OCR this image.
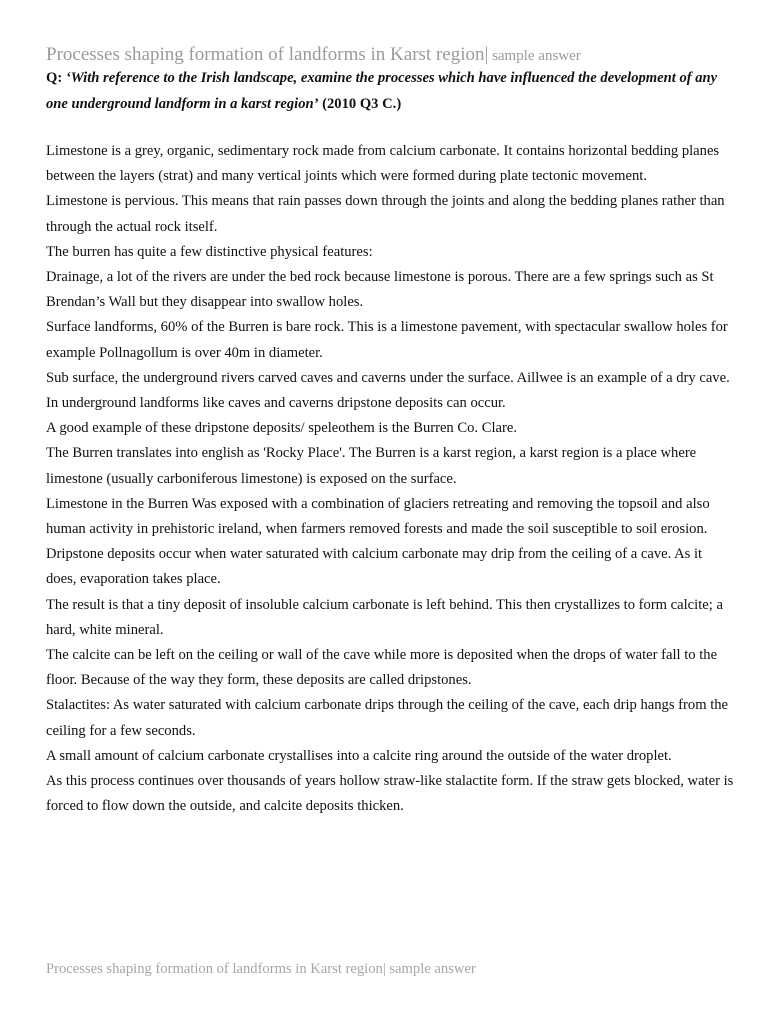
Processes shaping formation of landforms in Karst region| sample answer
Q: ‘With reference to the Irish landscape, examine the processes which have influenced the development of any one underground landform in a karst region’ (2010 Q3 C.)

Limestone is a grey, organic, sedimentary rock made from calcium carbonate. It contains horizontal bedding planes between the layers (strat) and many vertical joints which were formed during plate tectonic movement.

Limestone is pervious. This means that rain passes down through the joints and along the bedding planes rather than through the actual rock itself.

The burren has quite a few distinctive physical features:

Drainage, a lot of the rivers are under the bed rock because limestone is porous. There are a few springs such as St Brendan’s Wall but they disappear into swallow holes.

Surface landforms, 60% of the Burren is bare rock. This is a limestone pavement, with spectacular swallow holes for example Pollnagollum is over 40m in diameter.

Sub surface, the underground rivers carved caves and caverns under the surface. Aillwee is an example of a dry cave.

In underground landforms like caves and caverns dripstone deposits can occur.

A good example of these dripstone deposits/ speleothem is the Burren Co. Clare.

The Burren translates into english as 'Rocky Place'. The Burren is a karst region, a karst region is a place where limestone (usually carboniferous limestone) is exposed on the surface.

Limestone in the Burren Was exposed with a combination of glaciers retreating and removing the topsoil and also human activity in prehistoric ireland, when farmers removed forests and made the soil susceptible to soil erosion.

Dripstone deposits occur when water saturated with calcium carbonate may drip from the ceiling of a cave. As it does, evaporation takes place.

The result is that a tiny deposit of insoluble calcium carbonate is left behind. This then crystallizes to form calcite; a hard, white mineral.

The calcite can be left on the ceiling or wall of the cave while more is deposited when the drops of water fall to the floor. Because of the way they form, these deposits are called dripstones.

Stalactites: As water saturated with calcium carbonate drips through the ceiling of the cave, each drip hangs from the ceiling for a few seconds.

A small amount of calcium carbonate crystallises into a calcite ring around the outside of the water droplet.

As this process continues over thousands of years hollow straw-like stalactite form. If the straw gets blocked, water is forced to flow down the outside, and calcite deposits thicken.

Processes shaping formation of landforms in Karst region| sample answer
